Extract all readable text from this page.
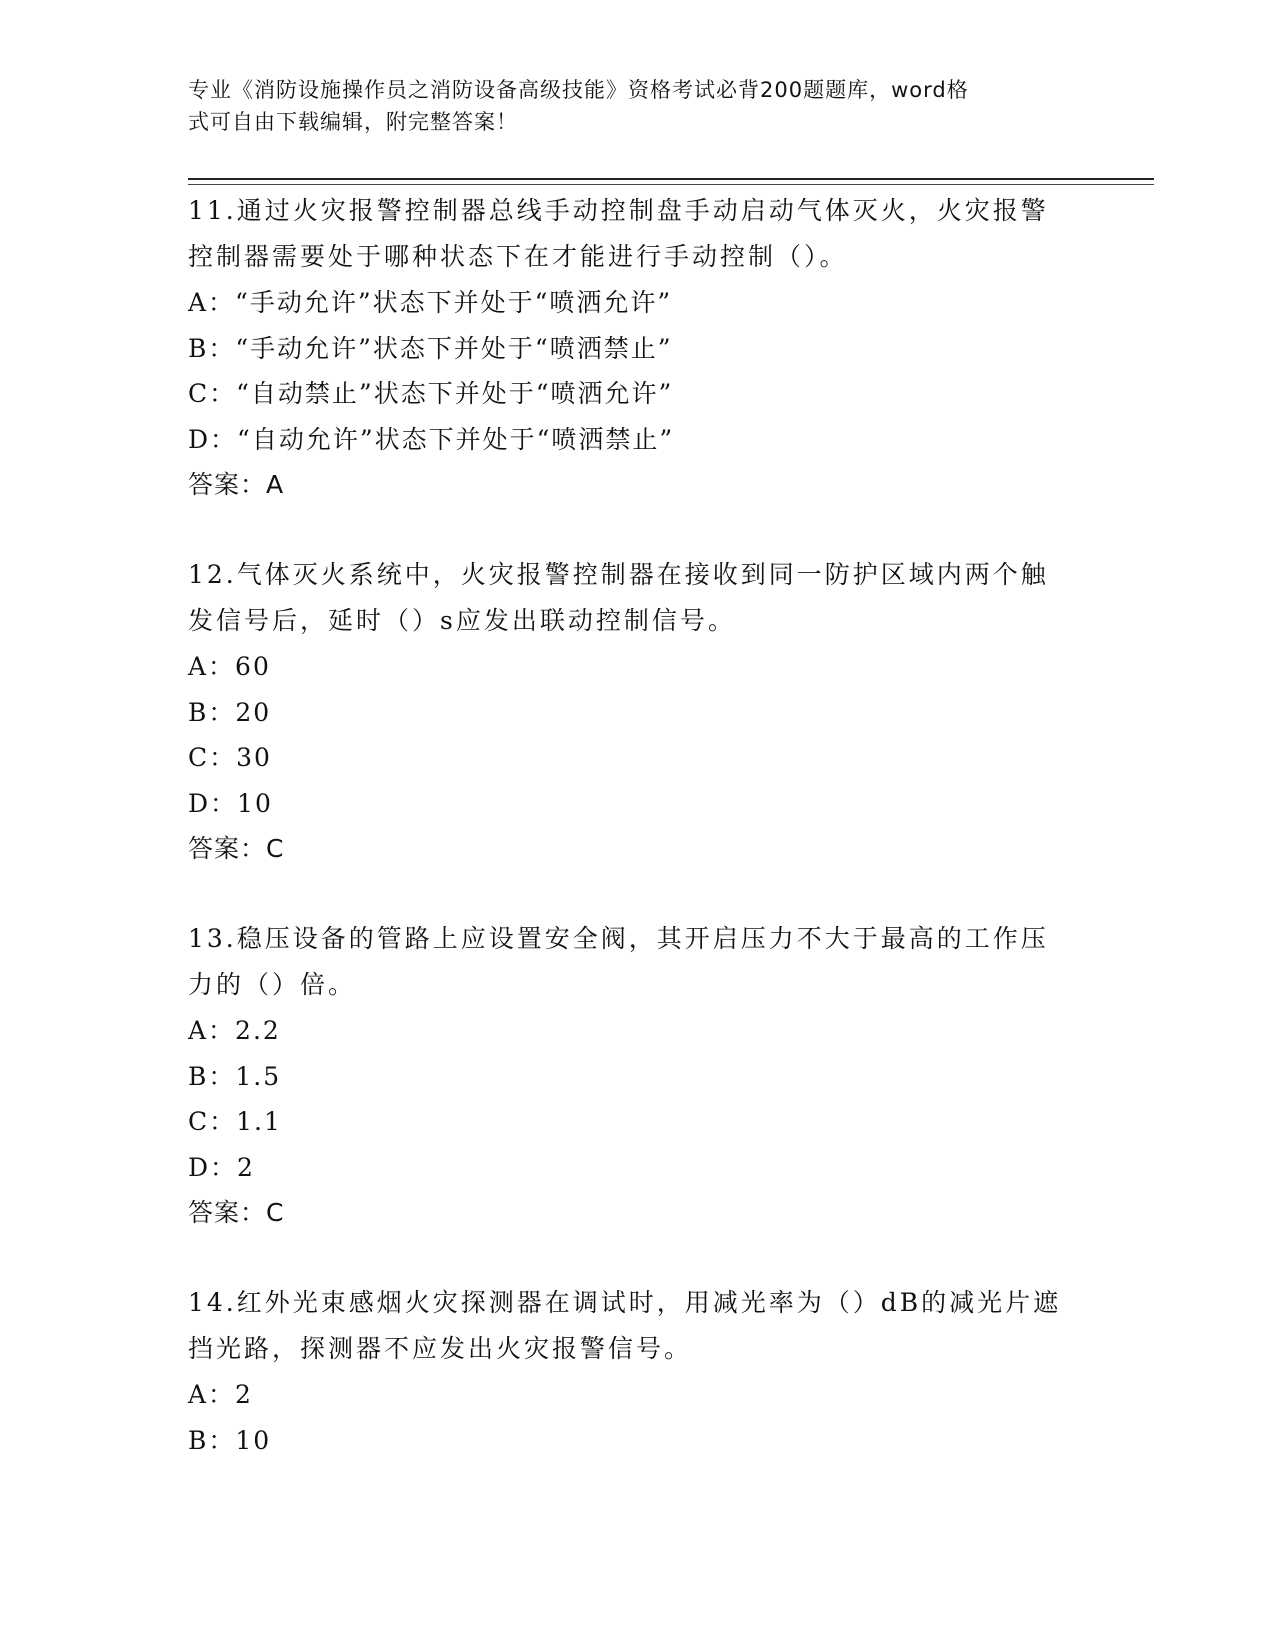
专业《消防设施操作员之消防设备高级技能》资格考试必背200题题库，word格
式可自由下载编辑，附完整答案！
11.通过火灾报警控制器总线手动控制盘手动启动气体灭火，火灾报警
控制器需要处于哪种状态下在才能进行手动控制（）。
A：“手动允许”状态下并处于“喷洒允许”
B：“手动允许”状态下并处于“喷洒禁止”
C：“自动禁止”状态下并处于“喷洒允许”
D：“自动允许”状态下并处于“喷洒禁止”
答案：A
12.气体灭火系统中，火灾报警控制器在接收到同一防护区域内两个触
发信号后，延时（）s应发出联动控制信号。
A：60
B：20
C：30
D：10
答案：C
13.稳压设备的管路上应设置安全阀，其开启压力不大于最高的工作压
力的（）倍。
A：2.2
B：1.5
C：1.1
D：2
答案：C
14.红外光束感烟火灾探测器在调试时，用减光率为（）dB的减光片遮
挡光路，探测器不应发出火灾报警信号。
A：2
B：10
